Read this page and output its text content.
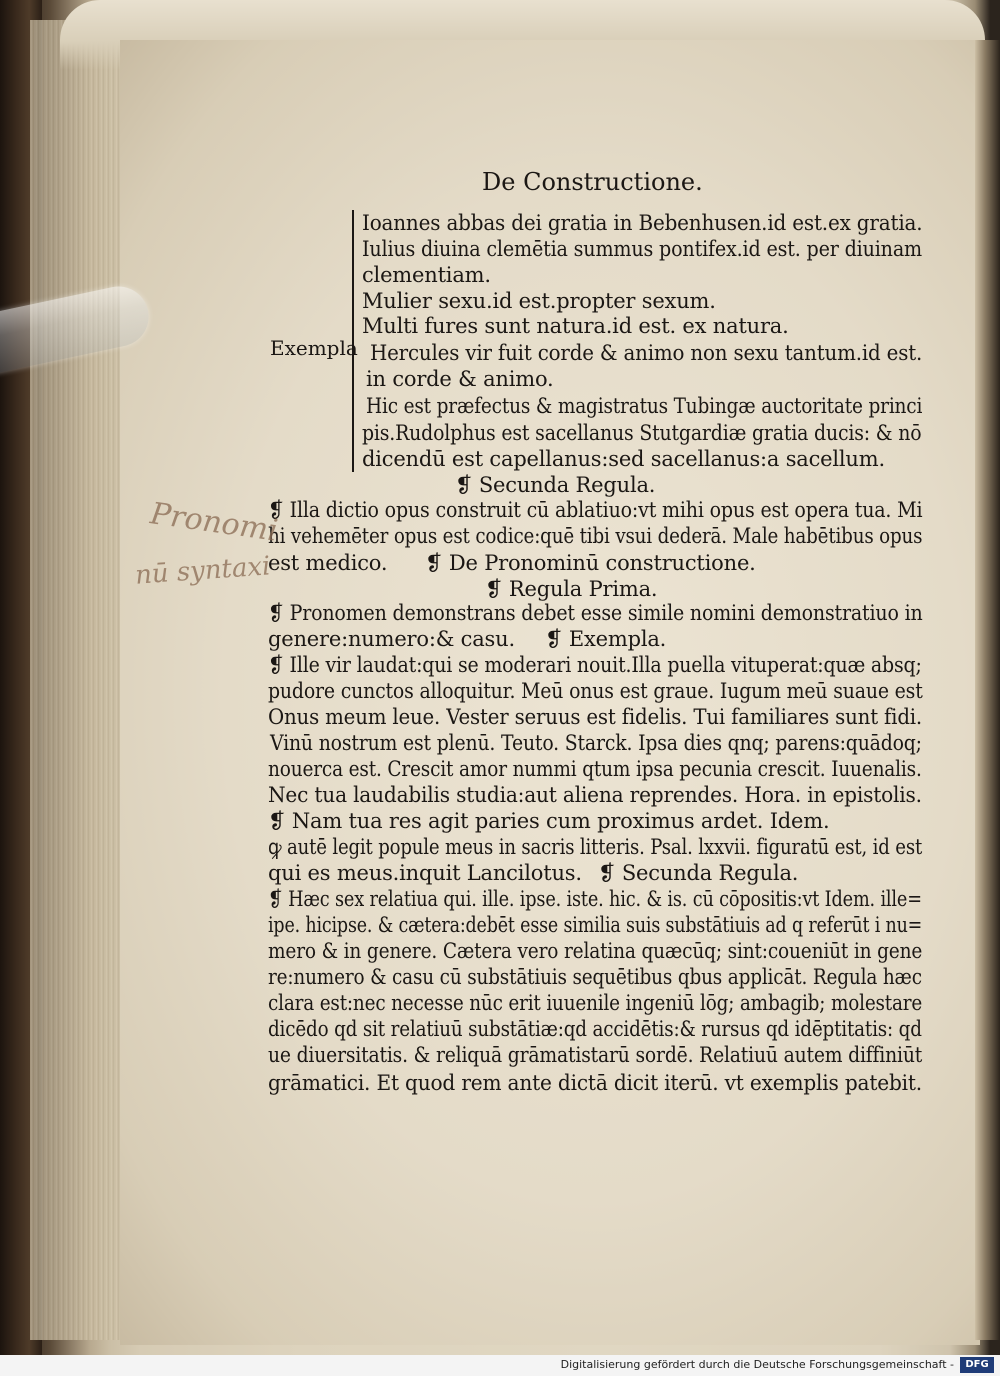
De Constructione.
Exempla
Ioannes abbas dei gratia in Bebenhusen.id est.ex gratia.
Iulius diuina clemētia summus pontifex.id est. per diuinam
clementiam.
Mulier sexu.id est.propter sexum.
Multi fures sunt natura.id est. ex natura.
Hercules vir fuit corde & animo non sexu tantum.id est.
in corde & animo.
Hic est præfectus & magistratus Tubingæ auctoritate princi
pis.Rudolphus est sacellanus Stutgardiæ gratia ducis: & nō
dicendū est capellanus:sed sacellanus:a sacellum.
❡ Secunda Regula.
❡ Illa dictio opus construit cū ablatiuo:vt mihi opus est opera tua. Mi
hi vehemēter opus est codice:quē tibi vsui dederā. Male habētibus opus
est medico. ❡ De Pronominū constructione.
❡ Regula Prima.
❡ Pronomen demonstrans debet esse simile nomini demonstratiuo in
genere:numero:& casu. ❡ Exempla.
❡ Ille vir laudat:qui se moderari nouit.Illa puella vituperat:quæ absq;
pudore cunctos alloquitur. Meū onus est graue. Iugum meū suaue est
Onus meum leue. Vester seruus est fidelis. Tui familiares sunt fidi.
Vinū nostrum est plenū. Teuto. Starck. Ipsa dies qnq; parens:quādoq;
nouerca est. Crescit amor nummi qtum ipsa pecunia crescit. Iuuenalis.
Nec tua laudabilis studia:aut aliena reprendes. Hora. in epistolis.
❡ Nam tua res agit paries cum proximus ardet. Idem.
ꝙ autē legit popule meus in sacris litteris. Psal. lxxvii. figuratū est, id est
qui es meus.inquit Lancilotus. ❡ Secunda Regula.
❡ Hæc sex relatiua qui. ille. ipse. iste. hic. & is. cū cōpositis:vt Idem. ille=
ipe. hicipse. & cætera:debēt esse similia suis substātiuis ad q referūt i nu=
mero & in genere. Cætera vero relatina quæcūq; sint:coueniūt in gene
re:numero & casu cū substātiuis sequētibus qbus applicāt. Regula hæc
clara est:nec necesse nūc erit iuuenile ingeniū lōg; ambagib; molestare
dicēdo qd sit relatiuū substātiæ:qd accidētis:& rursus qd idēptitatis: qd
ue diuersitatis. & reliquā grāmatistarū sordē. Relatiuū autem diffiniūt
grāmatici. Et quod rem ante dictā dicit iterū. vt exemplis patebit.
Pronomi
nū syntaxi
Digitalisierung gefördert durch die Deutsche Forschungsgemeinschaft -	DFG
